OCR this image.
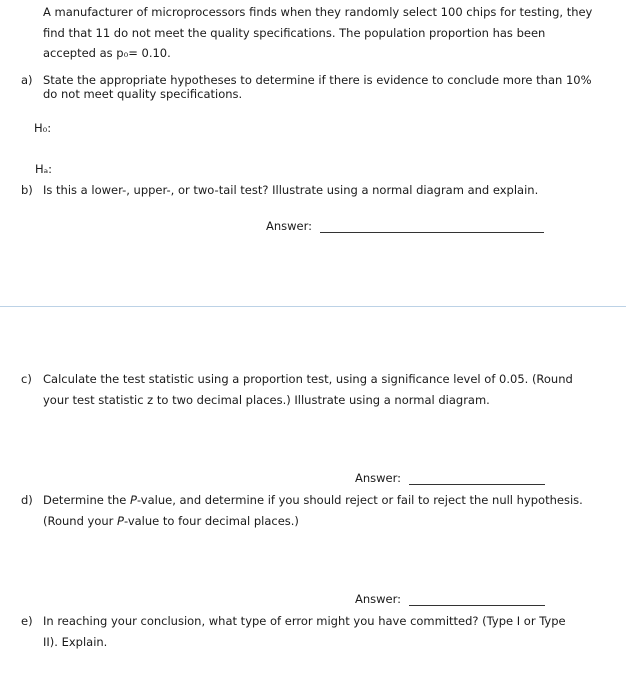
A manufacturer of microprocessors finds when they randomly select 100 chips for testing, they
find that 11 do not meet the quality specifications. The population proportion has been
accepted as p₀= 0.10.
a) State the appropriate hypotheses to determine if there is evidence to conclude more than 10%
do not meet quality specifications.
H₀:
Hₐ:
b) Is this a lower-, upper-, or two-tail test? Illustrate using a normal diagram and explain.
Answer:
c) Calculate the test statistic using a proportion test, using a significance level of 0.05. (Round
your test statistic z to two decimal places.) Illustrate using a normal diagram.
Answer:
d) Determine the P-value, and determine if you should reject or fail to reject the null hypothesis.
(Round your P-value to four decimal places.)
Answer:
e) In reaching your conclusion, what type of error might you have committed? (Type I or Type
II). Explain.
